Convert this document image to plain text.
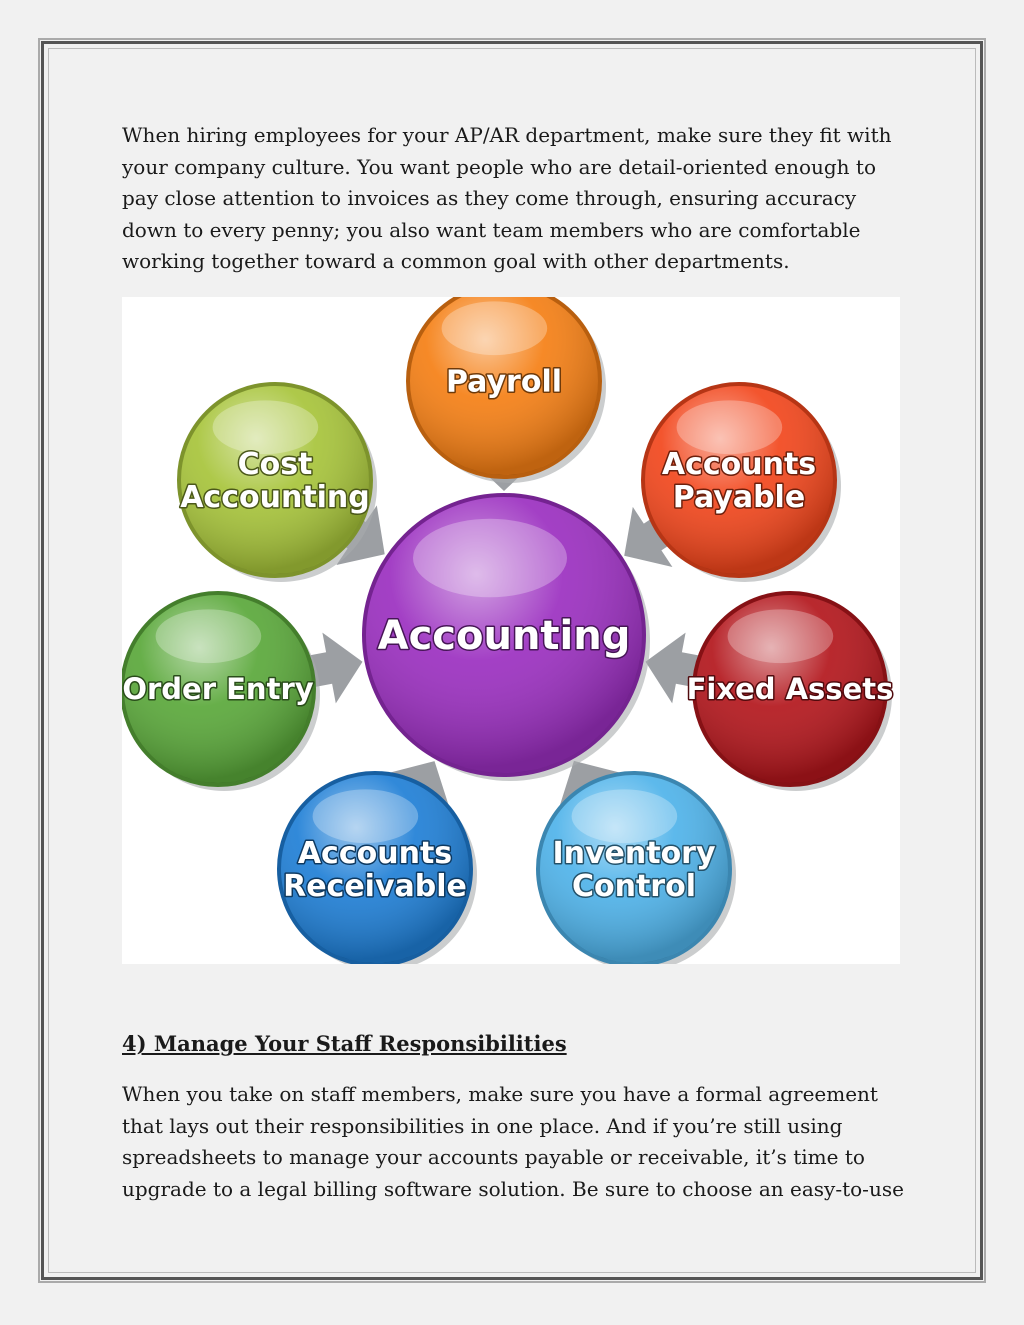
When hiring employees for your AP/AR department, make sure they fit with your company culture. You want people who are detail-oriented enough to pay close attention to invoices as they come through, ensuring accuracy down to every penny; you also want team members who are comfortable working together toward a common goal with other departments.

Payroll
Accounts
Payable
Fixed Assets
Inventory
Control
Accounts
Receivable
Order Entry
Cost
Accounting
Accounting
4) Manage Your Staff Responsibilities

When you take on staff members, make sure you have a formal agreement that lays out their responsibilities in one place. And if you’re still using spreadsheets to manage your accounts payable or receivable, it’s time to upgrade to a legal billing software solution. Be sure to choose an easy-to-use
